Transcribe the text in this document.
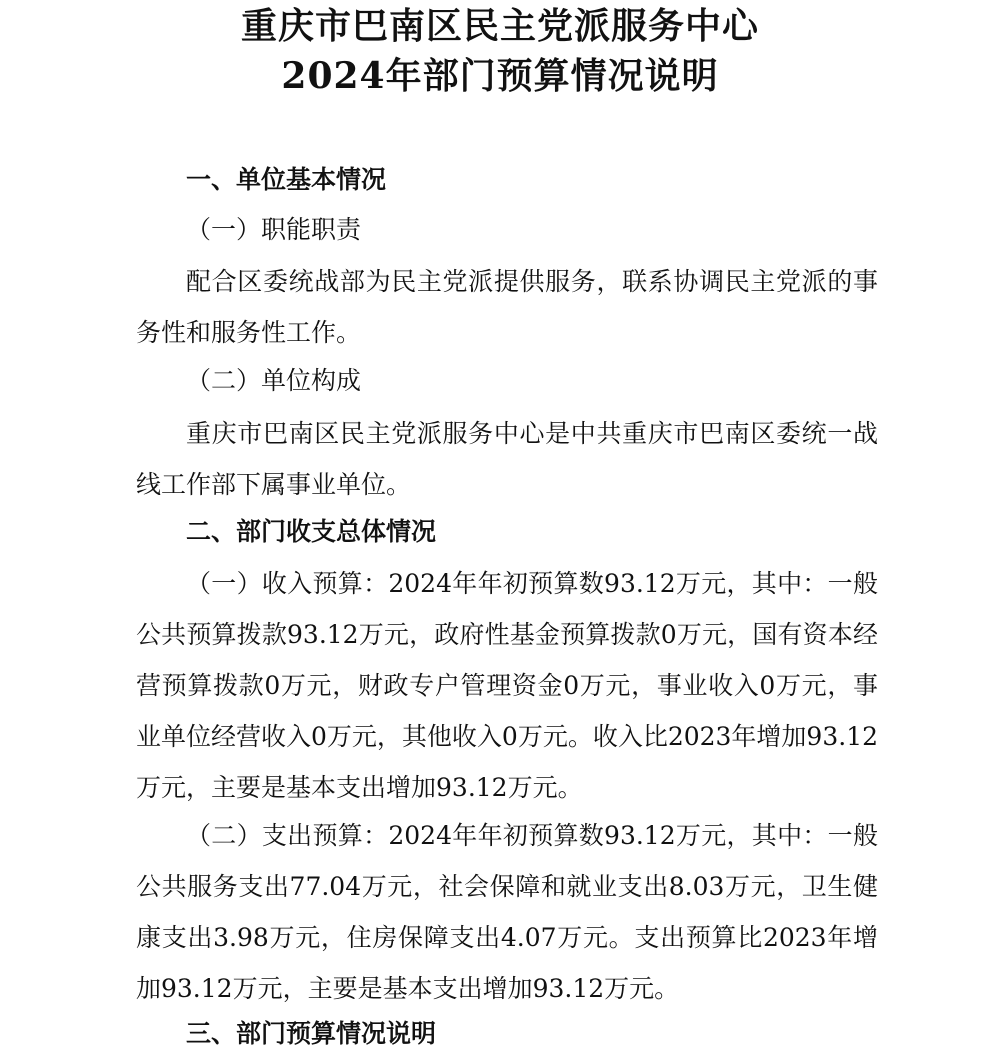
重庆市巴南区民主党派服务中心
2024年部门预算情况说明
一、单位基本情况
（一）职能职责
配合区委统战部为民主党派提供服务，联系协调民主党派的事务性和服务性工作。
（二）单位构成
重庆市巴南区民主党派服务中心是中共重庆市巴南区委统一战线工作部下属事业单位。
二、部门收支总体情况
（一）收入预算：2024年年初预算数93.12万元，其中：一般公共预算拨款93.12万元，政府性基金预算拨款0万元，国有资本经营预算拨款0万元，财政专户管理资金0万元，事业收入0万元，事业单位经营收入0万元，其他收入0万元。收入比2023年增加93.12万元，主要是基本支出增加93.12万元。
（二）支出预算：2024年年初预算数93.12万元，其中：一般公共服务支出77.04万元，社会保障和就业支出8.03万元，卫生健康支出3.98万元，住房保障支出4.07万元。支出预算比2023年增加93.12万元，主要是基本支出增加93.12万元。
三、部门预算情况说明
